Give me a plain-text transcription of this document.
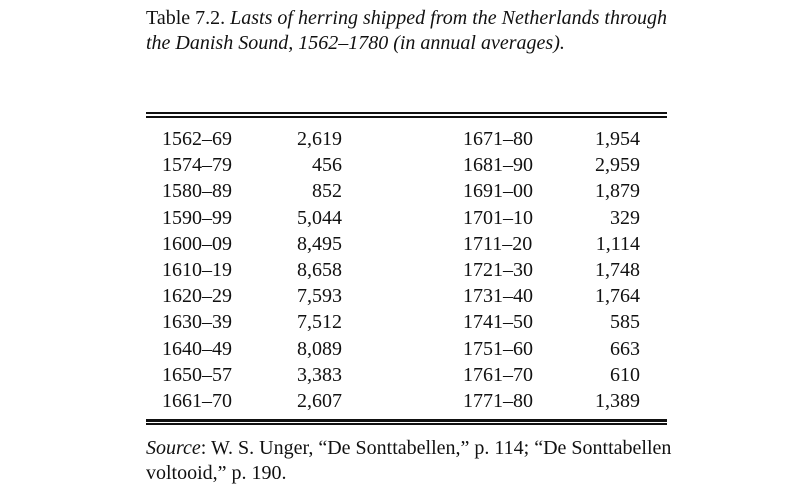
Table 7.2. Lasts of herring shipped from the Netherlands through the Danish Sound, 1562–1780 (in annual averages).
1562–69	2,619	1671–80	1,954
1574–79	456	1681–90	2,959
1580–89	852	1691–00	1,879
1590–99	5,044	1701–10	329
1600–09	8,495	1711–20	1,114
1610–19	8,658	1721–30	1,748
1620–29	7,593	1731–40	1,764
1630–39	7,512	1741–50	585
1640–49	8,089	1751–60	663
1650–57	3,383	1761–70	610
1661–70	2,607	1771–80	1,389
Source: W. S. Unger, “De Sonttabellen,” p. 114; “De Sonttabellen voltooid,” p. 190.
